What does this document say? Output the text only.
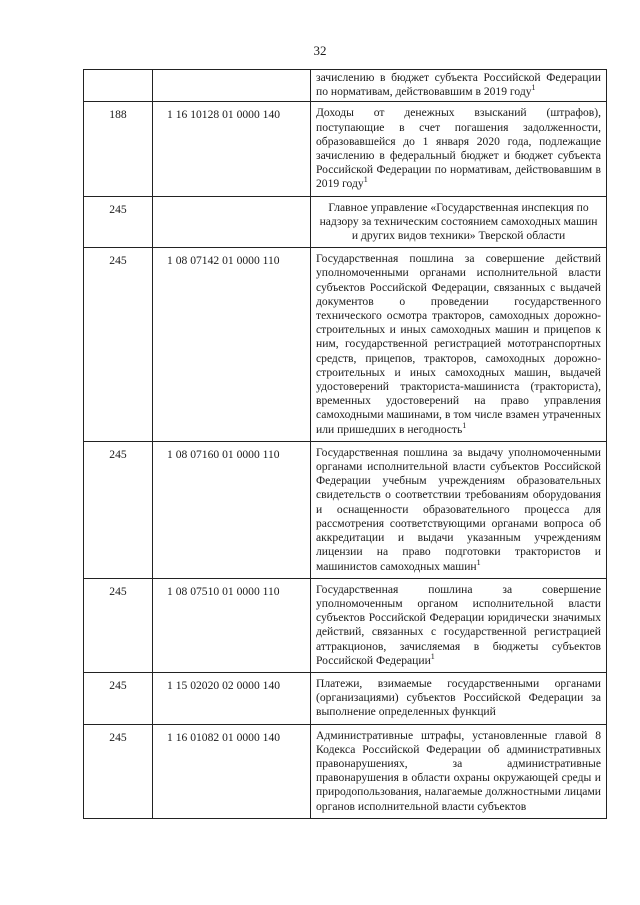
32
		зачислению в бюджет субъекта Российской Федерации по нормативам, действовавшим в 2019 году$^1$
188	1 16 10128 01 0000 140	Доходы от денежных взысканий (штрафов), поступающие в счет погашения задолженности, образовавшейся до 1 января 2020 года, подлежащие зачислению в федеральный бюджет и бюджет субъекта Российской Федерации по нормативам, действовавшим в 2019 году$^1$
245		Главное управление «Государственная инспекция по надзору за техническим состоянием самоходных машин и других видов техники» Тверской области
245	1 08 07142 01 0000 110	Государственная пошлина за совершение действий уполномоченными органами исполнительной власти субъектов Российской Федерации, связанных с выдачей документов о проведении государственного технического осмотра тракторов, самоходных дорожно-строительных и иных самоходных машин и прицепов к ним, государственной регистрацией мототранспортных средств, прицепов, тракторов, самоходных дорожно-строительных и иных самоходных машин, выдачей удостоверений тракториста-машиниста (тракториста), временных удостоверений на право управления самоходными машинами, в том числе взамен утраченных или пришедших в негодность$^1$
245	1 08 07160 01 0000 110	Государственная пошлина за выдачу уполномоченными органами исполнительной власти субъектов Российской Федерации учебным учреждениям образовательных свидетельств о соответствии требованиям оборудования и оснащенности образовательного процесса для рассмотрения соответствующими органами вопроса об аккредитации и выдачи указанным учреждениям лицензии на право подготовки трактористов и машинистов самоходных машин$^1$
245	1 08 07510 01 0000 110	Государственная пошлина за совершение уполномоченным органом исполнительной власти субъектов Российской Федерации юридически значимых действий, связанных с государственной регистрацией аттракционов, зачисляемая в бюджеты субъектов Российской Федерации$^1$
245	1 15 02020 02 0000 140	Платежи, взимаемые государственными органами (организациями) субъектов Российской Федерации за выполнение определенных функций
245	1 16 01082 01 0000 140	Административные штрафы, установленные главой 8 Кодекса Российской Федерации об административных правонарушениях, за административные правонарушения в области охраны окружающей среды и природопользования, налагаемые должностными лицами органов исполнительной власти субъектов
